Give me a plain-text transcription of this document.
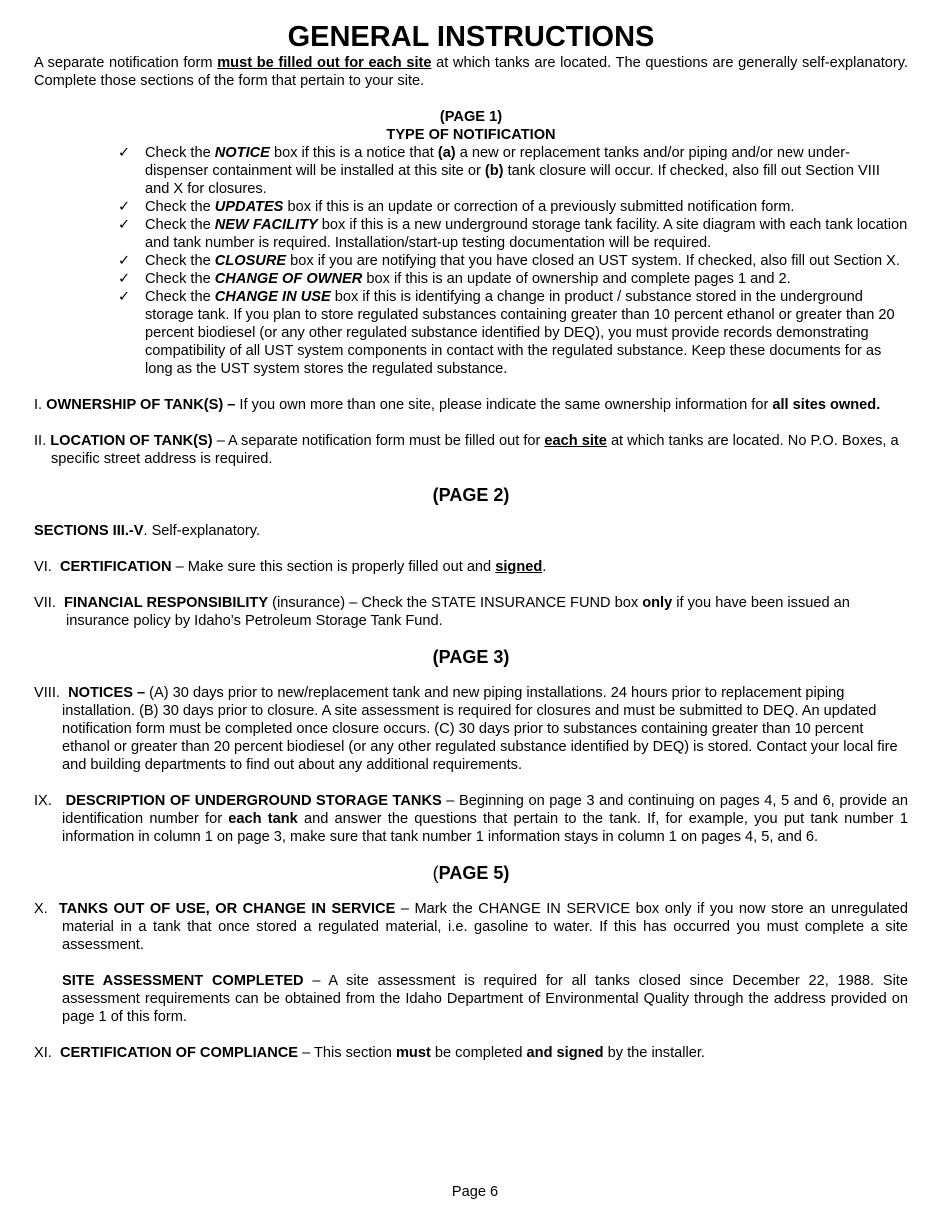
GENERAL INSTRUCTIONS

A separate notification form must be filled out for each site at which tanks are located. The questions are generally self-explanatory. Complete those sections of the form that pertain to your site.

(PAGE 1)

TYPE OF NOTIFICATION

✓ Check the NOTICE box if this is a notice that (a) a new or replacement tanks and/or piping and/or new under-dispenser containment will be installed at this site or (b) tank closure will occur. If checked, also fill out Section VIII and X for closures.
✓ Check the UPDATES box if this is an update or correction of a previously submitted notification form.
✓ Check the NEW FACILITY box if this is a new underground storage tank facility. A site diagram with each tank location and tank number is required. Installation/start-up testing documentation will be required.
✓ Check the CLOSURE box if you are notifying that you have closed an UST system. If checked, also fill out Section X.
✓ Check the CHANGE OF OWNER box if this is an update of ownership and complete pages 1 and 2.
✓ Check the CHANGE IN USE box if this is identifying a change in product / substance stored in the underground storage tank. If you plan to store regulated substances containing greater than 10 percent ethanol or greater than 20 percent biodiesel (or any other regulated substance identified by DEQ), you must provide records demonstrating compatibility of all UST system components in contact with the regulated substance. Keep these documents for as long as the UST system stores the regulated substance.

I. OWNERSHIP OF TANK(S) – If you own more than one site, please indicate the same ownership information for all sites owned.

II. LOCATION OF TANK(S) – A separate notification form must be filled out for each site at which tanks are located. No P.O. Boxes, a specific street address is required.

(PAGE 2)

SECTIONS III.-V. Self-explanatory.

VI. CERTIFICATION – Make sure this section is properly filled out and signed.

VII. FINANCIAL RESPONSIBILITY (insurance) – Check the STATE INSURANCE FUND box only if you have been issued an insurance policy by Idaho’s Petroleum Storage Tank Fund.

(PAGE 3)

VIII. NOTICES – (A) 30 days prior to new/replacement tank and new piping installations. 24 hours prior to replacement piping installation. (B) 30 days prior to closure. A site assessment is required for closures and must be submitted to DEQ. An updated notification form must be completed once closure occurs. (C) 30 days prior to substances containing greater than 10 percent ethanol or greater than 20 percent biodiesel (or any other regulated substance identified by DEQ) is stored. Contact your local fire and building departments to find out about any additional requirements.

IX. DESCRIPTION OF UNDERGROUND STORAGE TANKS – Beginning on page 3 and continuing on pages 4, 5 and 6, provide an identification number for each tank and answer the questions that pertain to the tank. If, for example, you put tank number 1 information in column 1 on page 3, make sure that tank number 1 information stays in column 1 on pages 4, 5, and 6.

(PAGE 5)

X. TANKS OUT OF USE, OR CHANGE IN SERVICE – Mark the CHANGE IN SERVICE box only if you now store an unregulated material in a tank that once stored a regulated material, i.e. gasoline to water. If this has occurred you must complete a site assessment.

SITE ASSESSMENT COMPLETED – A site assessment is required for all tanks closed since December 22, 1988. Site assessment requirements can be obtained from the Idaho Department of Environmental Quality through the address provided on page 1 of this form.

XI. CERTIFICATION OF COMPLIANCE – This section must be completed and signed by the installer.

Page 6
